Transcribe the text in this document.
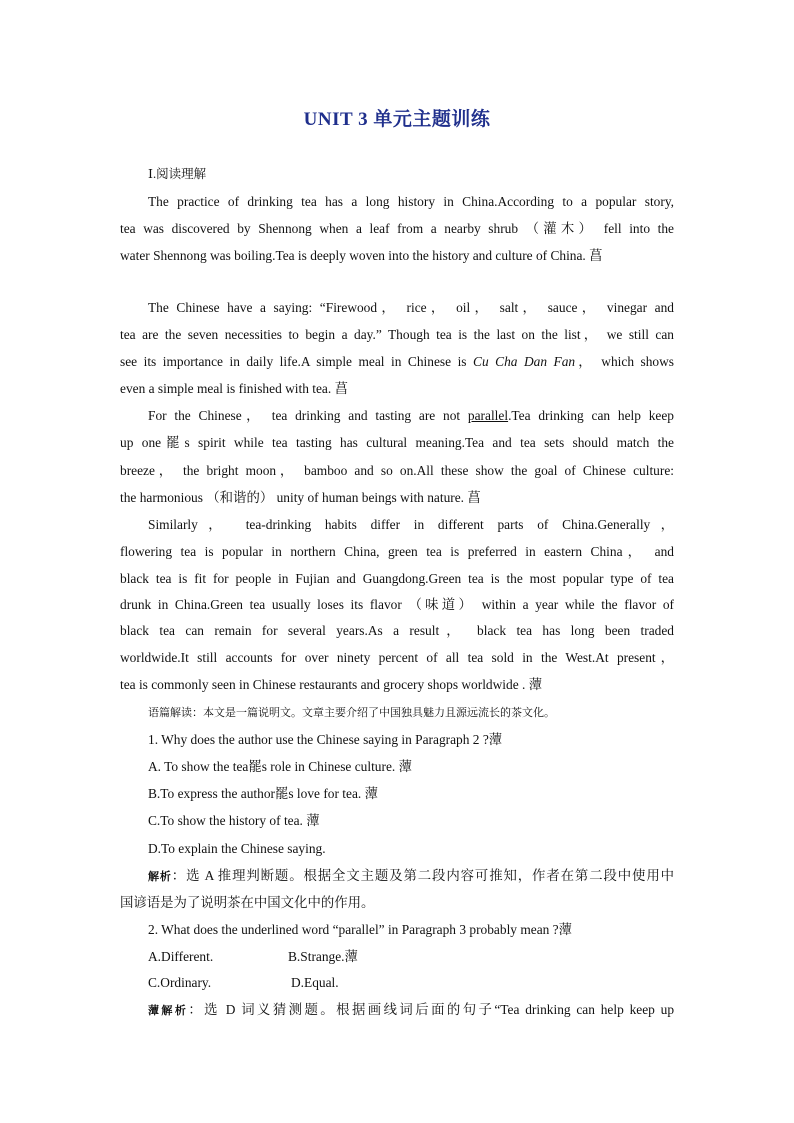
UNIT 3 单元主题训练
Ⅰ.阅读理解
The practice of drinking tea has a long history in China.According to a popular story,
tea was discovered by Shennong when a leaf from a nearby shrub （灌木） fell into the
water Shennong was boiling.Tea is deeply woven into the history and culture of China. 菖
The Chinese have a saying: “Firewood， rice， oil， salt， sauce， vinegar and
tea are the seven necessities to begin a day.” Though tea is the last on the list， we still can
see its importance in daily life.A simple meal in Chinese is Cu Cha Dan Fan， which shows
even a simple meal is finished with tea. 菖
For the Chinese， tea drinking and tasting are not parallel.Tea drinking can help keep
up one罷s spirit while tea tasting has cultural meaning.Tea and tea sets should match the
breeze， the bright moon， bamboo and so on.All these show the goal of Chinese culture:
the harmonious （和谐的） unity of human beings with nature. 菖
Similarly， tea-drinking habits differ in different parts of China.Generally，
flowering tea is popular in northern China, green tea is preferred in eastern China， and
black tea is fit for people in Fujian and Guangdong.Green tea is the most popular type of tea
drunk in China.Green tea usually loses its flavor （味道） within a year while the flavor of
black tea can remain for several years.As a result， black tea has long been traded
worldwide.It still accounts for over ninety percent of all tea sold in the West.At present，
tea is commonly seen in Chinese restaurants and grocery shops worldwide . 藫
语篇解读：本文是一篇说明文。文章主要介绍了中国独具魅力且源远流长的茶文化。
1. Why does the author use the Chinese saying in Paragraph 2 ?藫
A. To show the tea罷s role in Chinese culture. 藫
B.To express the author罷s love for tea. 藫
C.To show the history of tea. 藫
D.To explain the Chinese saying.
解析：选 A 推理判断题。根据全文主题及第二段内容可推知，作者在第二段中使用中
国谚语是为了说明茶在中国文化中的作用。
2. What does the underlined word “parallel” in Paragraph 3 probably mean ?藫
A.Different.	B.Strange.藫
C.Ordinary.	D.Equal.
藫解析：选 D 词义猜测题。根据画线词后面的句子“Tea drinking can help keep up
